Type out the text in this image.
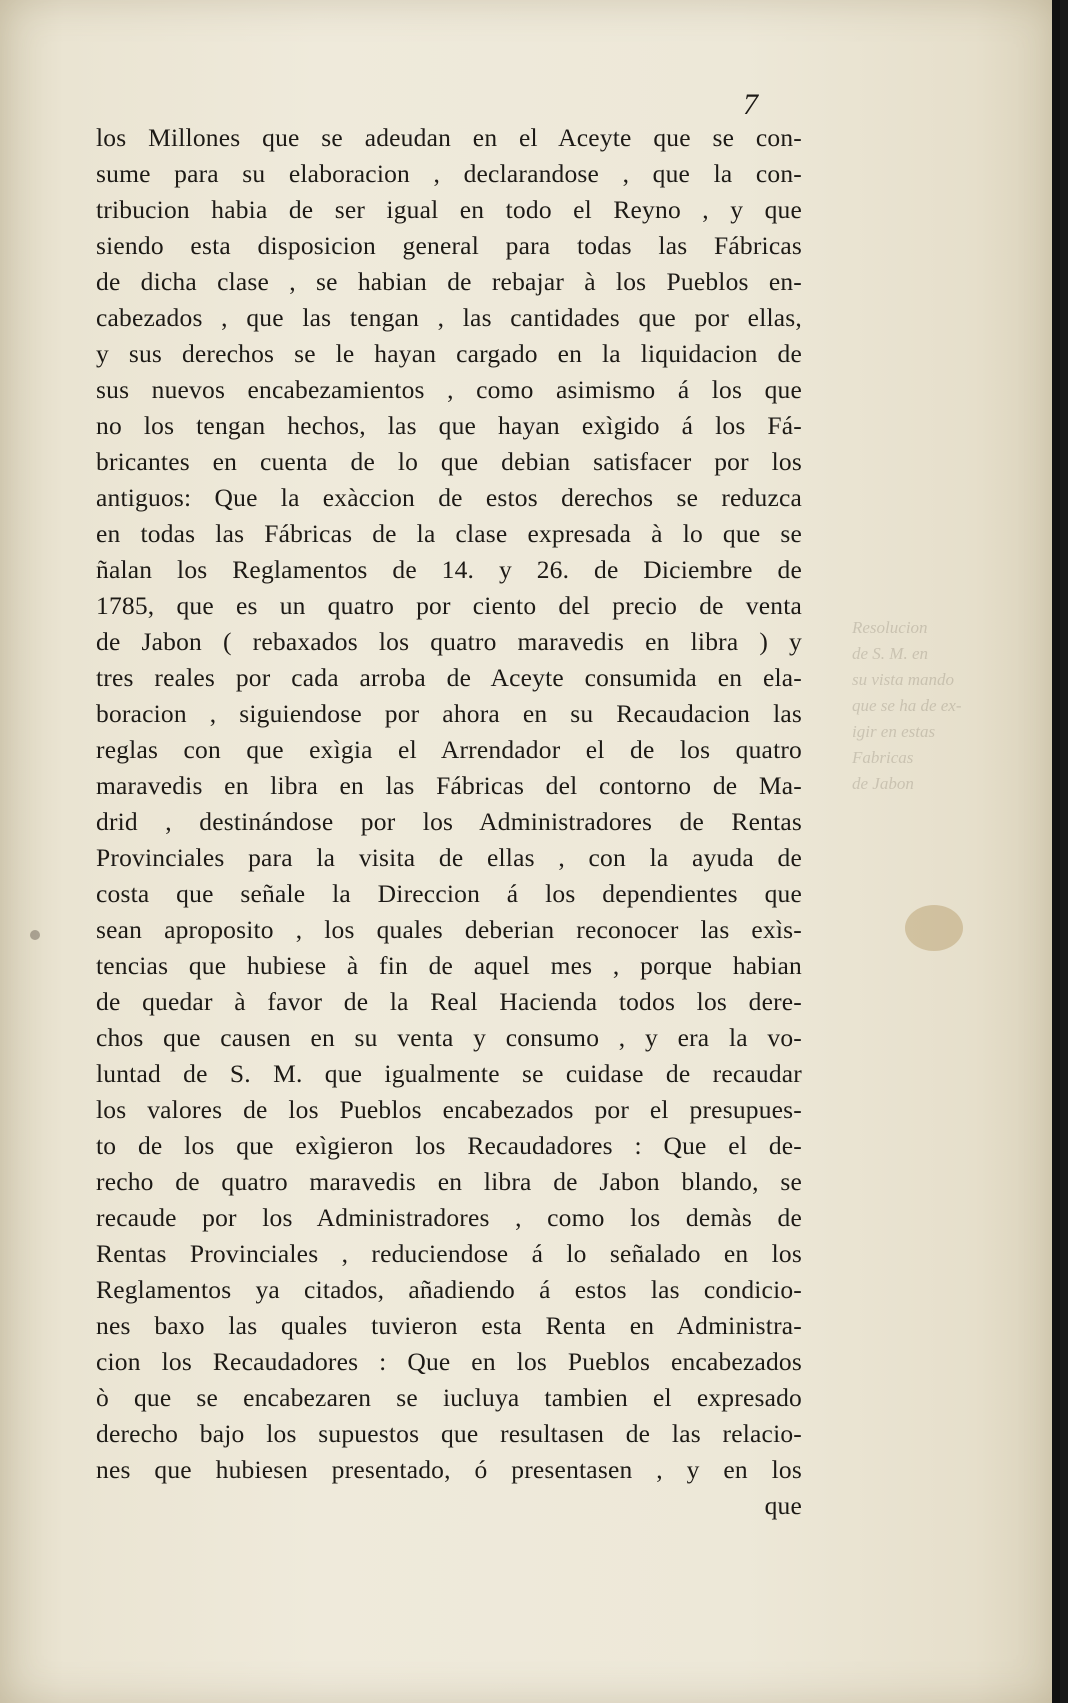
Resolucion
de S. M. en
su vista mando
que se ha de ex-
igir en estas
Fabricas
de Jabon
7
los Millones que se adeudan en el Aceyte que se con-
sume para su elaboracion , declarandose , que la con-
tribucion habia de ser igual en todo el Reyno , y que
siendo esta disposicion general para todas las Fábricas
de dicha clase , se habian de rebajar à los Pueblos en-
cabezados , que las tengan , las cantidades que por ellas,
y sus derechos se le hayan cargado en la liquidacion de
sus nuevos encabezamientos , como asimismo á los que
no los tengan hechos, las que hayan exìgido á los Fá-
bricantes en cuenta de lo que debian satisfacer por los
antiguos: Que la exàccion de estos derechos se reduzca
en todas las Fábricas de la clase expresada à lo que se
ñalan los Reglamentos de 14. y 26. de Diciembre de
1785, que es un quatro por ciento del precio de venta
de Jabon ( rebaxados los quatro maravedis en libra ) y
tres reales por cada arroba de Aceyte consumida en ela-
boracion , siguiendose por ahora en su Recaudacion las
reglas con que exìgia el Arrendador el de los quatro
maravedis en libra en las Fábricas del contorno de Ma-
drid , destinándose por los Administradores de Rentas
Provinciales para la visita de ellas , con la ayuda de
costa que señale la Direccion á los dependientes que
sean aproposito , los quales deberian reconocer las exìs-
tencias que hubiese à fin de aquel mes , porque habian
de quedar à favor de la Real Hacienda todos los dere-
chos que causen en su venta y consumo , y era la vo-
luntad de S. M. que igualmente se cuidase de recaudar
los valores de los Pueblos encabezados por el presupues-
to de los que exìgieron los Recaudadores : Que el de-
recho de quatro maravedis en libra de Jabon blando, se
recaude por los Administradores , como los demàs de
Rentas Provinciales , reduciendose á lo señalado en los
Reglamentos ya citados, añadiendo á estos las condicio-
nes baxo las quales tuvieron esta Renta en Administra-
cion los Recaudadores : Que en los Pueblos encabezados
ò que se encabezaren se iucluya tambien el expresado
derecho bajo los supuestos que resultasen de las relacio-
nes que hubiesen presentado, ó presentasen , y en los
que
